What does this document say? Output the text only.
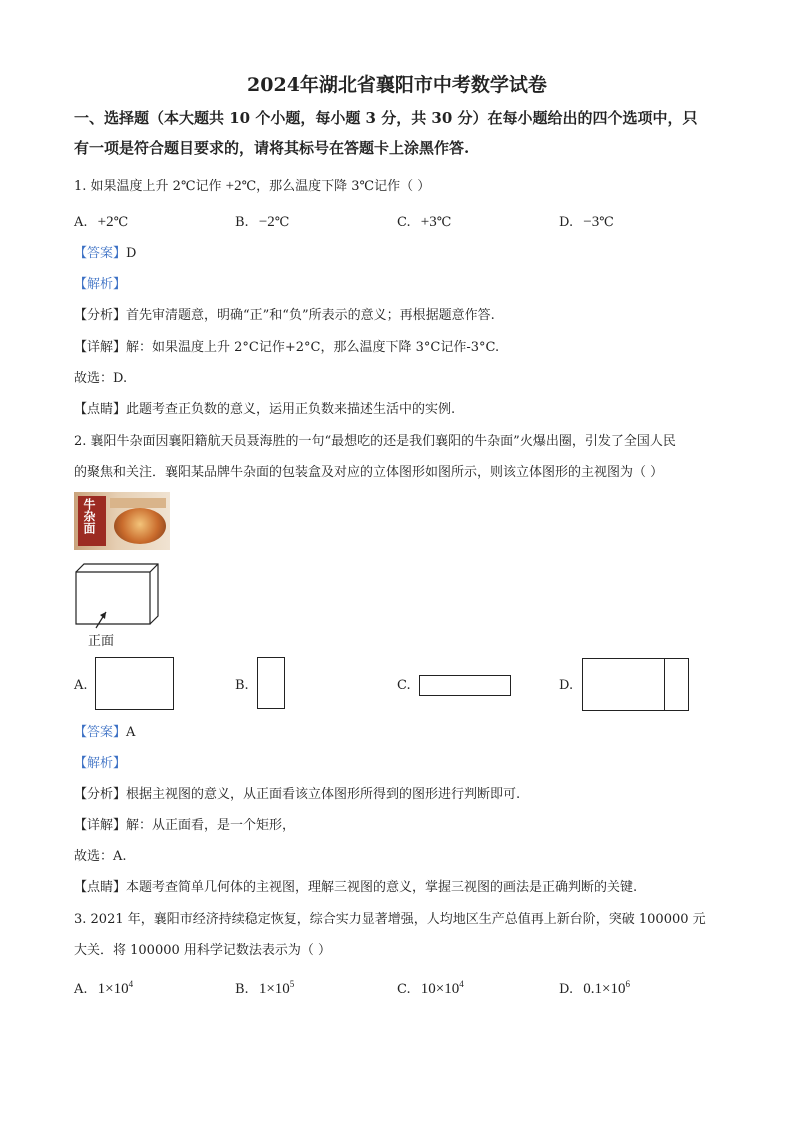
2024年湖北省襄阳市中考数学试卷
一、选择题（本大题共 10 个小题，每小题 3 分，共 30 分）在每小题给出的四个选项中，只
有一项是符合题目要求的，请将其标号在答题卡上涂黑作答.
1. 如果温度上升 2℃记作 +2℃，那么温度下降 3℃记作（ ）
A. +2℃	B. −2℃	C. +3℃	D. −3℃
【答案】D
【解析】
【分析】首先审清题意，明确“正”和“负”所表示的意义；再根据题意作答.
【详解】解：如果温度上升 2°C记作+2°C，那么温度下降 3°C记作-3°C.
故选：D.
【点睛】此题考查正负数的意义，运用正负数来描述生活中的实例.
2. 襄阳牛杂面因襄阳籍航天员聂海胜的一句“最想吃的还是我们襄阳的牛杂面”火爆出圈，引发了全国人民
的聚焦和关注．襄阳某品牌牛杂面的包装盒及对应的立体图形如图所示，则该立体图形的主视图为（ ）
牛杂面
正面
A.	B.	C.	D.
【答案】A
【解析】
【分析】根据主视图的意义，从正面看该立体图形所得到的图形进行判断即可.
【详解】解：从正面看，是一个矩形，
故选：A.
【点睛】本题考查简单几何体的主视图，理解三视图的意义，掌握三视图的画法是正确判断的关键.
3. 2021 年，襄阳市经济持续稳定恢复，综合实力显著增强，人均地区生产总值再上新台阶，突破 100000 元
大关．将 100000 用科学记数法表示为（ ）
A. $1\times 10^4$	B. $1\times 10^5$	C. $10\times 10^4$	D. $0.1\times 10^6$
